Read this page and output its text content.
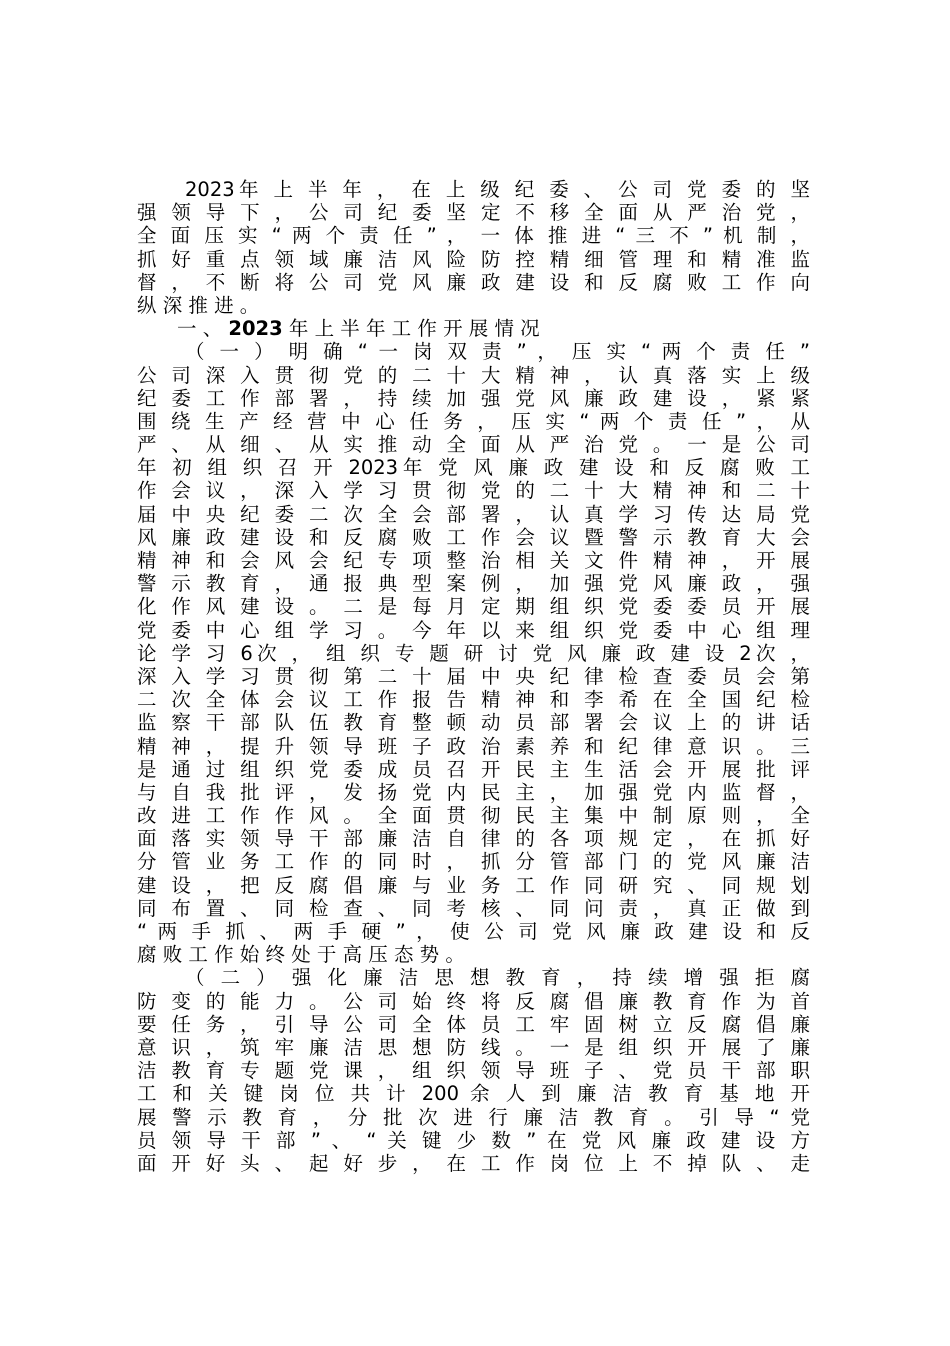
2023年 上 半 年 ， 在 上 级 纪 委 、 公 司 党 委 的 坚
强 领 导 下 ， 公 司 纪 委 坚 定 不 移 全 面 从 严 治 党 ，
全 面 压 实 “ 两 个 责 任 ” ， 一 体 推 进 “ 三 不 ” 机 制 ，
抓 好 重 点 领 域 廉 洁 风 险 防 控 精 细 管 理 和 精 准 监
督 ， 不 断 将 公 司 党 风 廉 政 建 设 和 反 腐 败 工 作 向
纵 深 推 进 。
一 、 2023 年 上 半 年 工 作 开 展 情 况
（ 一 ） 明 确 “ 一 岗 双 责 ” ， 压 实 “ 两 个 责 任 ”
公 司 深 入 贯 彻 党 的 二 十 大 精 神 ， 认 真 落 实 上 级
纪 委 工 作 部 署 ， 持 续 加 强 党 风 廉 政 建 设 ， 紧 紧
围 绕 生 产 经 营 中 心 任 务 ， 压 实 “ 两 个 责 任 ” ， 从
严 、 从 细 、 从 实 推 动 全 面 从 严 治 党 。 一 是 公 司
年 初 组 织 召 开 2023年 党 风 廉 政 建 设 和 反 腐 败 工
作 会 议 ， 深 入 学 习 贯 彻 党 的 二 十 大 精 神 和 二 十
届 中 央 纪 委 二 次 全 会 部 署 ， 认 真 学 习 传 达 局 党
风 廉 政 建 设 和 反 腐 败 工 作 会 议 暨 警 示 教 育 大 会
精 神 和 会 风 会 纪 专 项 整 治 相 关 文 件 精 神 ， 开 展
警 示 教 育 ， 通 报 典 型 案 例 ， 加 强 党 风 廉 政 ， 强
化 作 风 建 设 。 二 是 每 月 定 期 组 织 党 委 委 员 开 展
党 委 中 心 组 学 习 。 今 年 以 来 组 织 党 委 中 心 组 理
论 学 习 6次 ， 组 织 专 题 研 讨 党 风 廉 政 建 设 2次 ，
深 入 学 习 贯 彻 第 二 十 届 中 央 纪 律 检 查 委 员 会 第
二 次 全 体 会 议 工 作 报 告 精 神 和 李 希 在 全 国 纪 检
监 察 干 部 队 伍 教 育 整 顿 动 员 部 署 会 议 上 的 讲 话
精 神 ， 提 升 领 导 班 子 政 治 素 养 和 纪 律 意 识 。 三
是 通 过 组 织 党 委 成 员 召 开 民 主 生 活 会 开 展 批 评
与 自 我 批 评 ， 发 扬 党 内 民 主 ， 加 强 党 内 监 督 ，
改 进 工 作 作 风 。 全 面 贯 彻 民 主 集 中 制 原 则 ， 全
面 落 实 领 导 干 部 廉 洁 自 律 的 各 项 规 定 ， 在 抓 好
分 管 业 务 工 作 的 同 时 ， 抓 分 管 部 门 的 党 风 廉 洁
建 设 ， 把 反 腐 倡 廉 与 业 务 工 作 同 研 究 、 同 规 划
同 布 置 、 同 检 查 、 同 考 核 、 同 问 责 ， 真 正 做 到
“ 两 手 抓 、 两 手 硬 ” ， 使 公 司 党 风 廉 政 建 设 和 反
腐 败 工 作 始 终 处 于 高 压 态 势 。
（ 二 ） 强 化 廉 洁 思 想 教 育 ， 持 续 增 强 拒 腐
防 变 的 能 力 。 公 司 始 终 将 反 腐 倡 廉 教 育 作 为 首
要 任 务 ， 引 导 公 司 全 体 员 工 牢 固 树 立 反 腐 倡 廉
意 识 ， 筑 牢 廉 洁 思 想 防 线 。 一 是 组 织 开 展 了 廉
洁 教 育 专 题 党 课 ， 组 织 领 导 班 子 、 党 员 干 部 职
工 和 关 键 岗 位 共 计 200 余 人 到 廉 洁 教 育 基 地 开
展 警 示 教 育 ， 分 批 次 进 行 廉 洁 教 育 。 引 导 “ 党
员 领 导 干 部 ” 、 “ 关 键 少 数 ” 在 党 风 廉 政 建 设 方
面 开 好 头 、 起 好 步 ， 在 工 作 岗 位 上 不 掉 队 、 走
